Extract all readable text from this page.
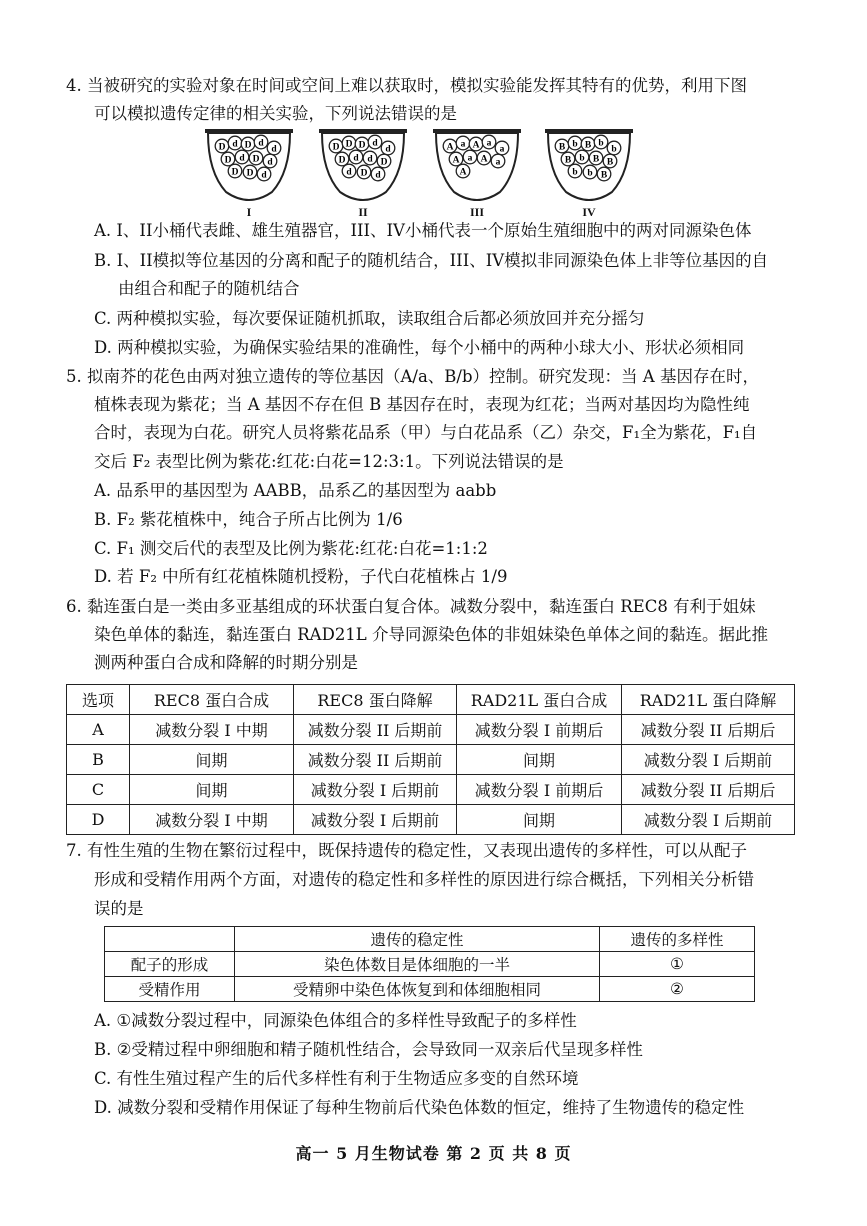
4. 当被研究的实验对象在时间或空间上难以获取时，模拟实验能发挥其特有的优势，利用下图
可以模拟遗传定律的相关实验，下列说法错误的是
D d D d
d
D d D d
D D d
I
D D D d
d
D d d D
d D d
II
A a A a
a
A a A a
A
III
B b B b
b
B b B B
b b B
IV
A. I、II小桶代表雌、雄生殖器官，III、IV小桶代表一个原始生殖细胞中的两对同源染色体
B. I、II模拟等位基因的分离和配子的随机结合，III、IV模拟非同源染色体上非等位基因的自
由组合和配子的随机结合
C. 两种模拟实验，每次要保证随机抓取，读取组合后都必须放回并充分摇匀
D. 两种模拟实验，为确保实验结果的准确性，每个小桶中的两种小球大小、形状必须相同
5. 拟南芥的花色由两对独立遗传的等位基因（A/a、B/b）控制。研究发现：当 A 基因存在时，
植株表现为紫花；当 A 基因不存在但 B 基因存在时，表现为红花；当两对基因均为隐性纯
合时，表现为白花。研究人员将紫花品系（甲）与白花品系（乙）杂交，F₁全为紫花，F₁自
交后 F₂ 表型比例为紫花:红花:白花=12:3:1。下列说法错误的是
A. 品系甲的基因型为 AABB，品系乙的基因型为 aabb
B. F₂ 紫花植株中，纯合子所占比例为 1/6
C. F₁ 测交后代的表型及比例为紫花:红花:白花=1:1:2
D. 若 F₂ 中所有红花植株随机授粉，子代白花植株占 1/9
6. 黏连蛋白是一类由多亚基组成的环状蛋白复合体。减数分裂中，黏连蛋白 REC8 有利于姐妹
染色单体的黏连，黏连蛋白 RAD21L 介导同源染色体的非姐妹染色单体之间的黏连。据此推
测两种蛋白合成和降解的时期分别是
选项	REC8 蛋白合成	REC8 蛋白降解	RAD21L 蛋白合成	RAD21L 蛋白降解
A	减数分裂 I 中期	减数分裂 II 后期前	减数分裂 I 前期后	减数分裂 II 后期后
B	间期	减数分裂 II 后期前	间期	减数分裂 I 后期前
C	间期	减数分裂 I 后期前	减数分裂 I 前期后	减数分裂 II 后期后
D	减数分裂 I 中期	减数分裂 I 后期前	间期	减数分裂 I 后期前
7. 有性生殖的生物在繁衍过程中，既保持遗传的稳定性，又表现出遗传的多样性，可以从配子
形成和受精作用两个方面，对遗传的稳定性和多样性的原因进行综合概括，下列相关分析错
误的是
	遗传的稳定性	遗传的多样性
配子的形成	染色体数目是体细胞的一半	①
受精作用	受精卵中染色体恢复到和体细胞相同	②
A. ①减数分裂过程中，同源染色体组合的多样性导致配子的多样性
B. ②受精过程中卵细胞和精子随机性结合，会导致同一双亲后代呈现多样性
C. 有性生殖过程产生的后代多样性有利于生物适应多变的自然环境
D. 减数分裂和受精作用保证了每种生物前后代染色体数的恒定，维持了生物遗传的稳定性
高一 5 月生物试卷 第 2 页 共 8 页
